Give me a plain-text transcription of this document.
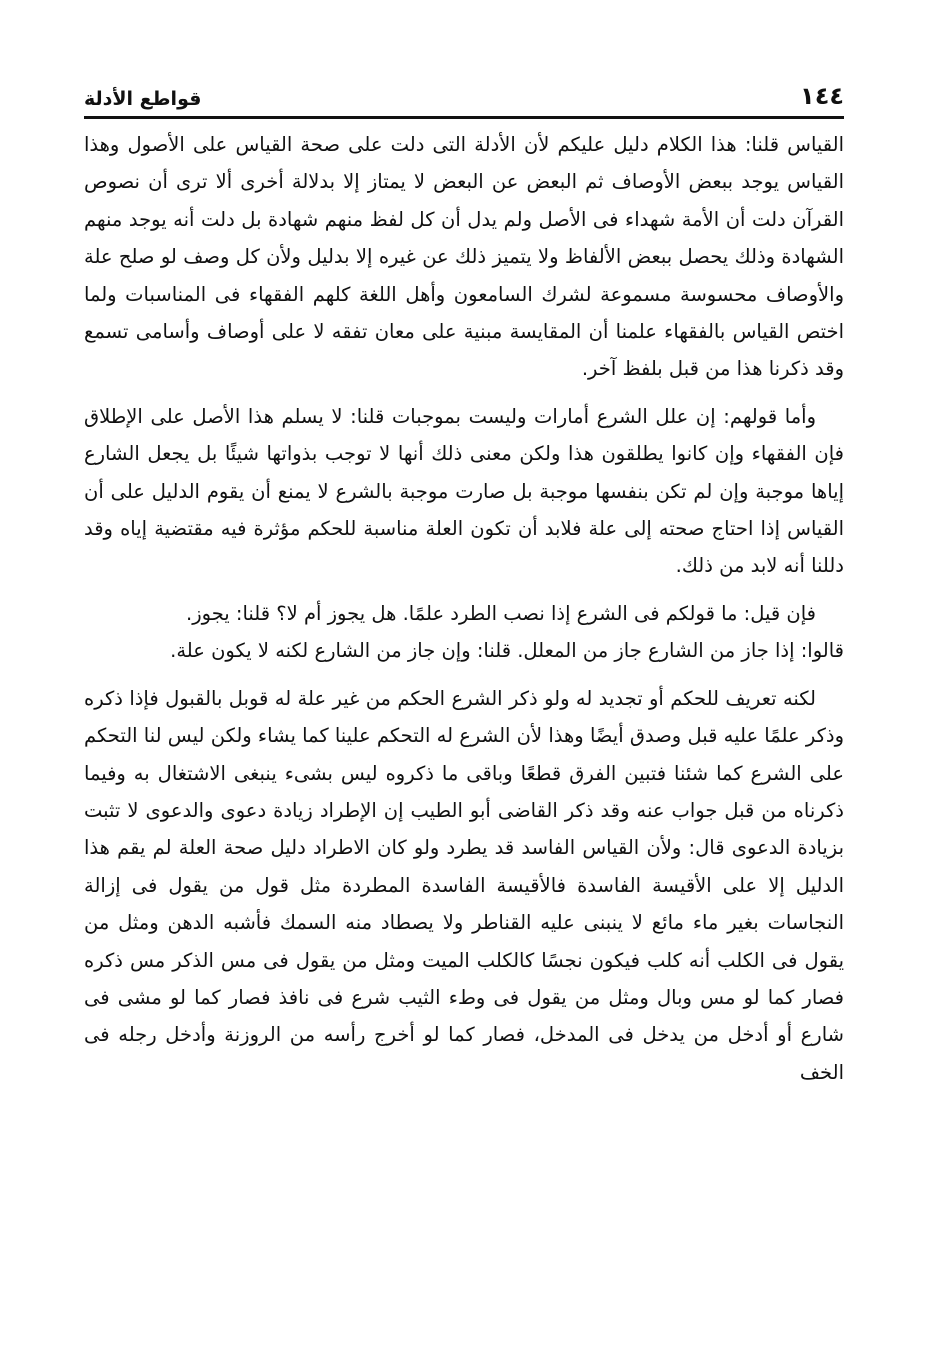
١٤٤
قواطع الأدلة

القياس قلنا: هذا الكلام دليل عليكم لأن الأدلة التى دلت على صحة القياس على الأصول وهذا القياس يوجد ببعض الأوصاف ثم البعض عن البعض لا يمتاز إلا بدلالة أخرى ألا ترى أن نصوص القرآن دلت أن الأمة شهداء فى الأصل ولم يدل أن كل لفظ منهم شهادة بل دلت أنه يوجد منهم الشهادة وذلك يحصل ببعض الألفاظ ولا يتميز ذلك عن غيره إلا بدليل ولأن كل وصف لو صلح علة والأوصاف محسوسة مسموعة لشرك السامعون وأهل اللغة كلهم الفقهاء فى المناسبات ولما اختص القياس بالفقهاء علمنا أن المقايسة مبنية على معان تفقه لا على أوصاف وأسامى تسمع وقد ذكرنا هذا من قبل بلفظ آخر.

وأما قولهم: إن علل الشرع أمارات وليست بموجبات قلنا: لا يسلم هذا الأصل على الإطلاق فإن الفقهاء وإن كانوا يطلقون هذا ولكن معنى ذلك أنها لا توجب بذواتها شيئًا بل يجعل الشارع إياها موجبة وإن لم تكن بنفسها موجبة بل صارت موجبة بالشرع لا يمنع أن يقوم الدليل على أن القياس إذا احتاج صحته إلى علة فلابد أن تكون العلة مناسبة للحكم مؤثرة فيه مقتضية إياه وقد دللنا أنه لابد من ذلك.

فإن قيل: ما قولكم فى الشرع إذا نصب الطرد علمًا. هل يجوز أم لا؟ قلنا: يجوز.

قالوا: إذا جاز من الشارع جاز من المعلل. قلنا: وإن جاز من الشارع لكنه لا يكون علة.

لكنه تعريف للحكم أو تجديد له ولو ذكر الشرع الحكم من غير علة له قوبل بالقبول فإذا ذكره وذكر علمًا عليه قبل وصدق أيضًا وهذا لأن الشرع له التحكم علينا كما يشاء ولكن ليس لنا التحكم على الشرع كما شئنا فتبين الفرق قطعًا وباقى ما ذكروه ليس بشىء ينبغى الاشتغال به وفيما ذكرناه من قبل جواب عنه وقد ذكر القاضى أبو الطيب إن الإطراد زيادة دعوى والدعوى لا تثبت بزيادة الدعوى قال: ولأن القياس الفاسد قد يطرد ولو كان الاطراد دليل صحة العلة لم يقم هذا الدليل إلا على الأقيسة الفاسدة فالأقيسة الفاسدة المطردة مثل قول من يقول فى إزالة النجاسات بغير ماء مائع لا ينبنى عليه القناطر ولا يصطاد منه السمك فأشبه الدهن ومثل من يقول فى الكلب أنه كلب فيكون نجسًا كالكلب الميت ومثل من يقول فى مس الذكر مس ذكره فصار كما لو مس وبال ومثل من يقول فى وطء الثيب شرع فى نافذ فصار كما لو مشى فى شارع أو أدخل من يدخل فى المدخل، فصار كما لو أخرج رأسه من الروزنة وأدخل رجله فى الخف
